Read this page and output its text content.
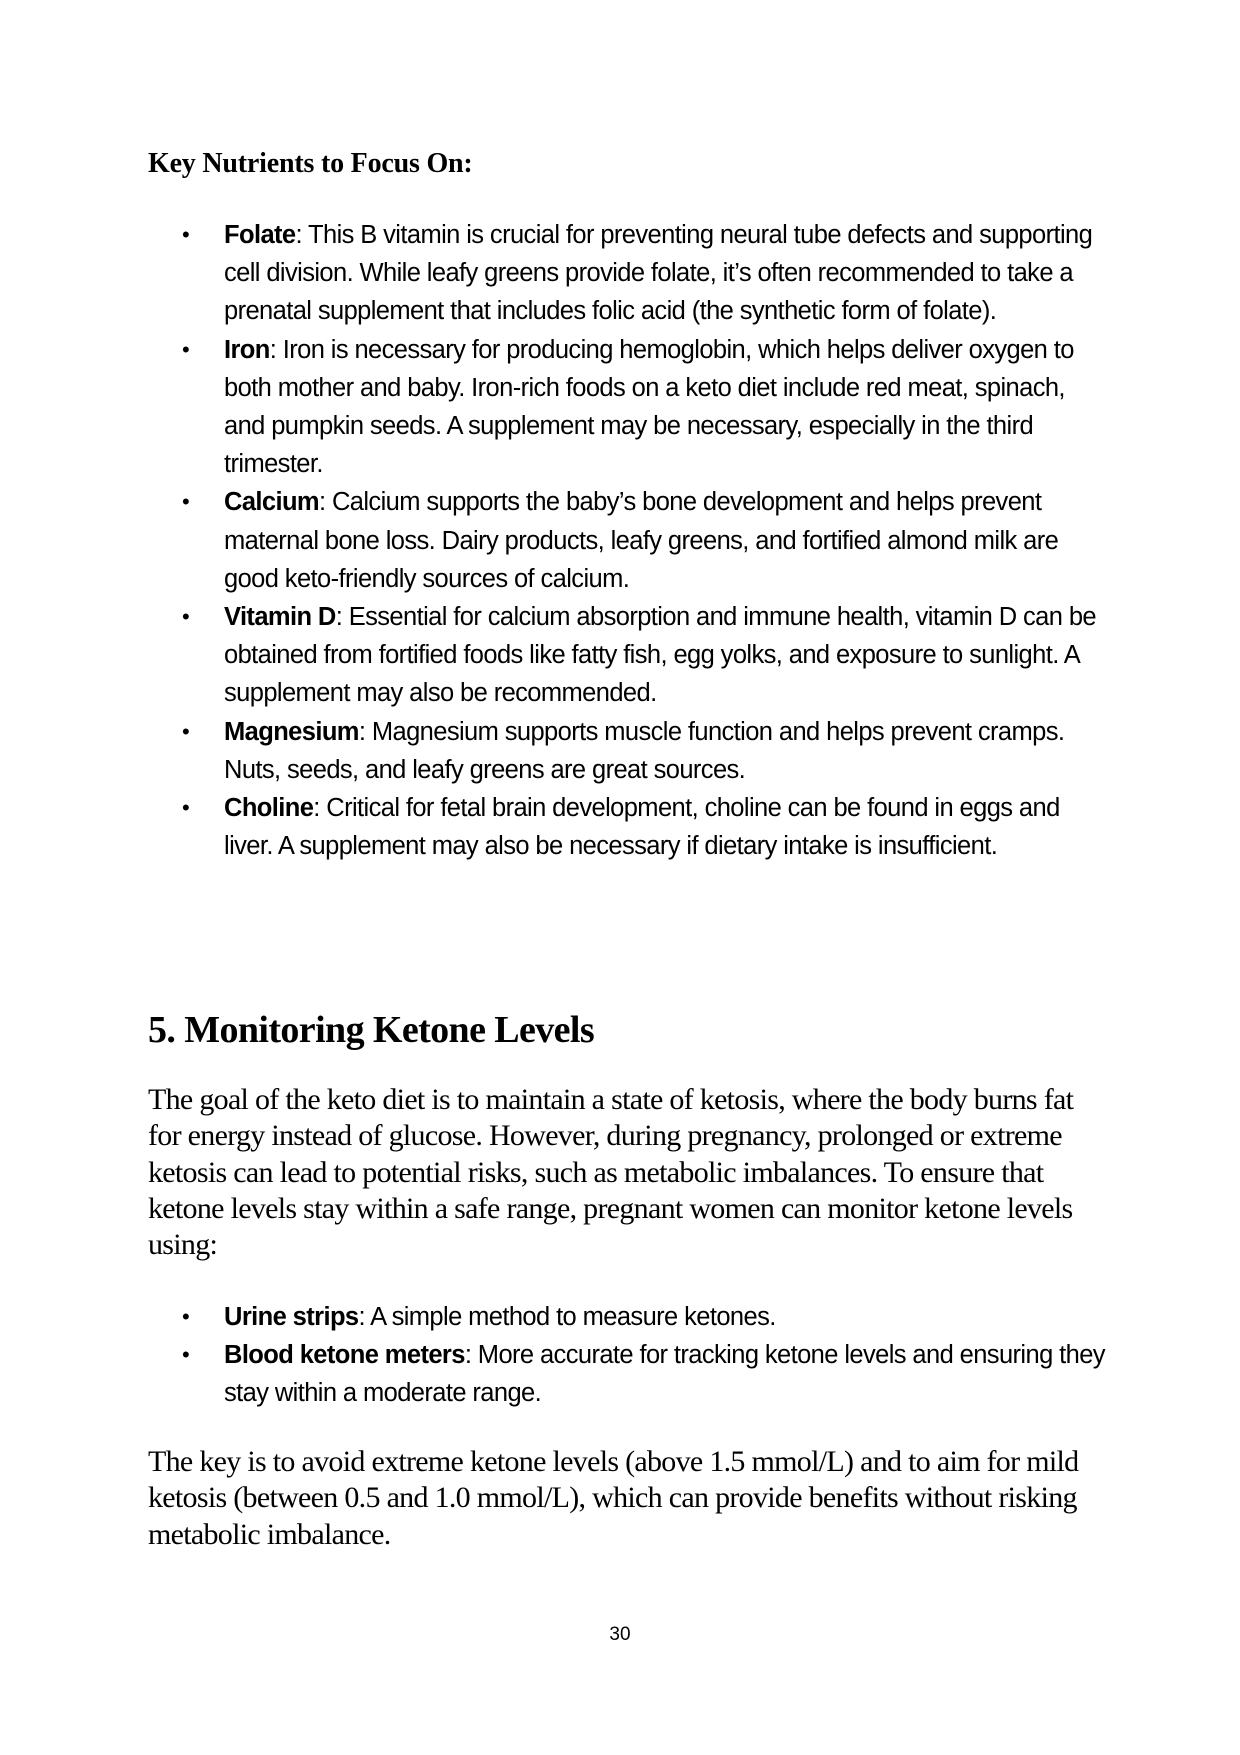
Key Nutrients to Focus On:
• Folate: This B vitamin is crucial for preventing neural tube defects and supporting cell division. While leafy greens provide folate, it’s often recommended to take a prenatal supplement that includes folic acid (the synthetic form of folate).
• Iron: Iron is necessary for producing hemoglobin, which helps deliver oxygen to both mother and baby. Iron-rich foods on a keto diet include red meat, spinach, and pumpkin seeds. A supplement may be necessary, especially in the third trimester.
• Calcium: Calcium supports the baby’s bone development and helps prevent maternal bone loss. Dairy products, leafy greens, and fortified almond milk are good keto-friendly sources of calcium.
• Vitamin D: Essential for calcium absorption and immune health, vitamin D can be obtained from fortified foods like fatty fish, egg yolks, and exposure to sunlight. A supplement may also be recommended.
• Magnesium: Magnesium supports muscle function and helps prevent cramps. Nuts, seeds, and leafy greens are great sources.
• Choline: Critical for fetal brain development, choline can be found in eggs and liver. A supplement may also be necessary if dietary intake is insufficient.
5. Monitoring Ketone Levels

The goal of the keto diet is to maintain a state of ketosis, where the body burns fat for energy instead of glucose. However, during pregnancy, prolonged or extreme ketosis can lead to potential risks, such as metabolic imbalances. To ensure that ketone levels stay within a safe range, pregnant women can monitor ketone levels using:

• Urine strips: A simple method to measure ketones.
• Blood ketone meters: More accurate for tracking ketone levels and ensuring they stay within a moderate range.

The key is to avoid extreme ketone levels (above 1.5 mmol/L) and to aim for mild ketosis (between 0.5 and 1.0 mmol/L), which can provide benefits without risking metabolic imbalance.

30
